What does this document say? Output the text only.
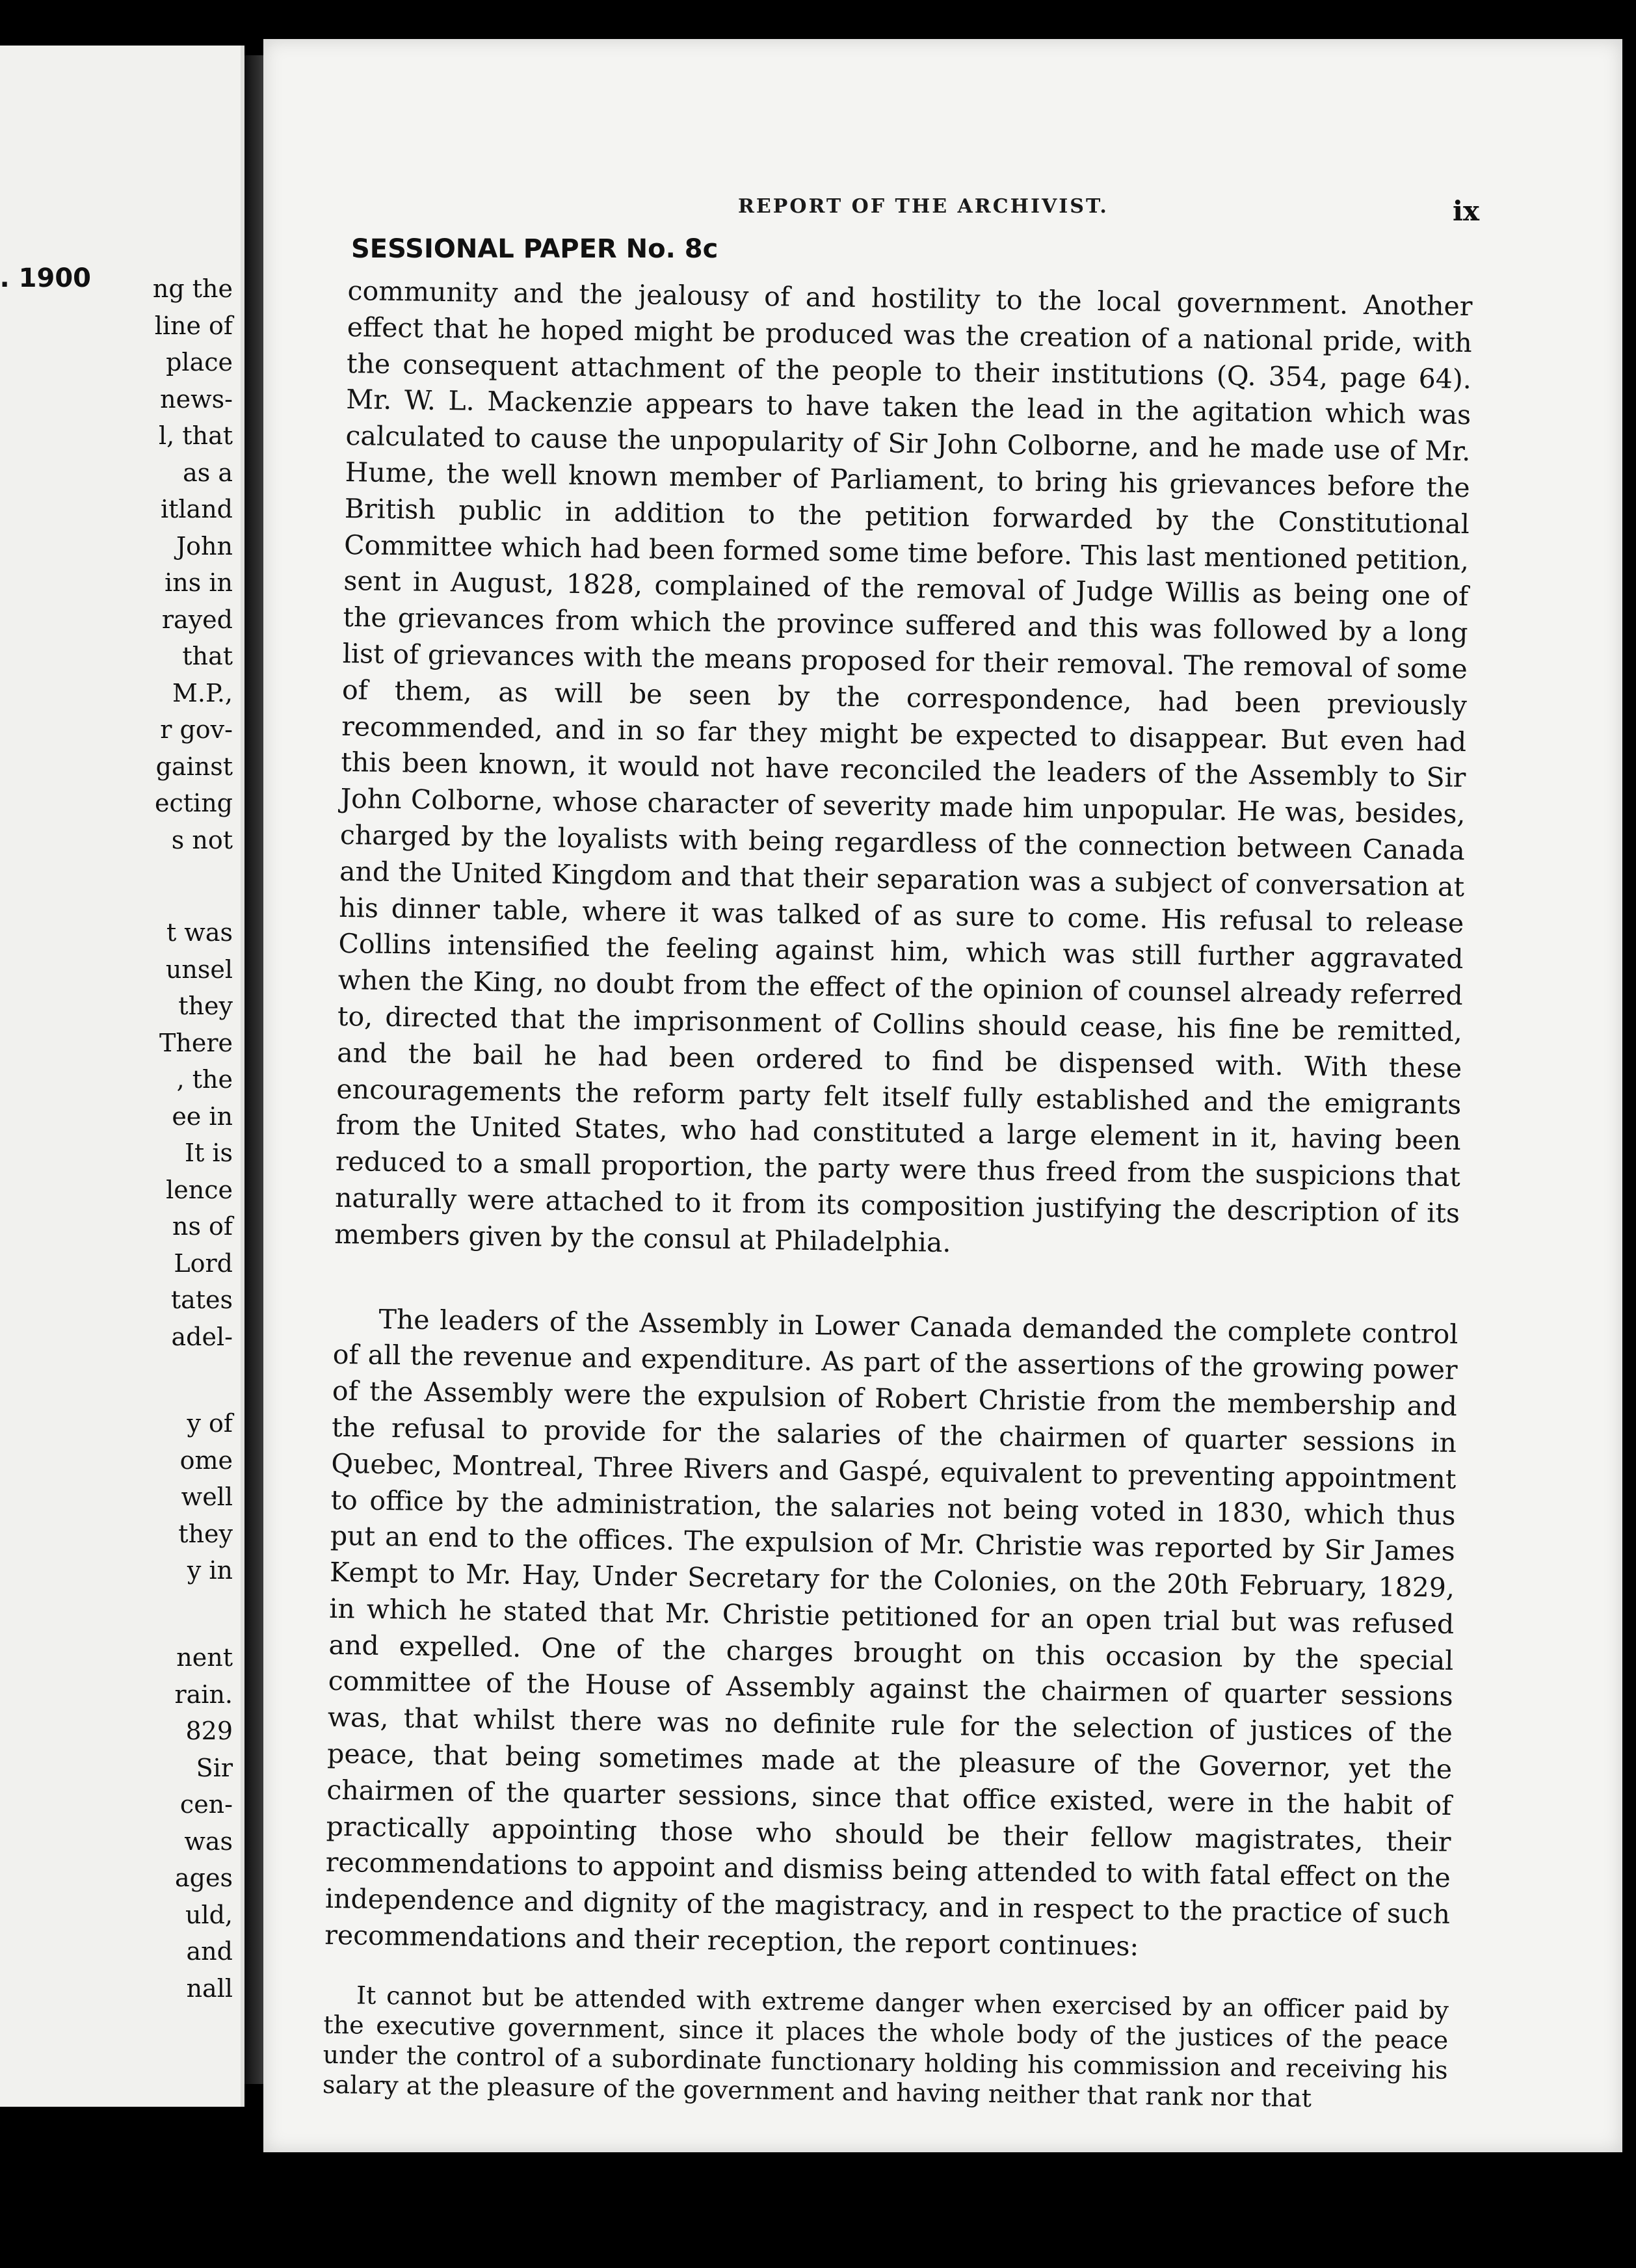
. 1900 ng the
line of
place
news-
l, that
as a
itland
John
ins in
rayed
that
M.P.,
r gov-
gainst
ecting
s not
t was
unsel
they
There
, the
ee in
It is
lence
ns of
Lord
tates
adel-
y of
ome
well
they
y in
nent
rain.
829
Sir
cen-
was
ages
uld,
and
nall
REPORT OF THE ARCHIVIST.	ix
SESSIONAL PAPER No. 8c

community and the jealousy of and hostility to the local government. Another effect that he hoped might be produced was the creation of a national pride, with the consequent attachment of the people to their institutions (Q. 354, page 64). Mr. W. L. Mackenzie appears to have taken the lead in the agitation which was calculated to cause the unpopularity of Sir John Colborne, and he made use of Mr. Hume, the well known member of Parliament, to bring his grievances before the British public in addition to the petition forwarded by the Constitutional Committee which had been formed some time before. This last mentioned petition, sent in August, 1828, complained of the removal of Judge Willis as being one of the grievances from which the province suffered and this was followed by a long list of grievances with the means proposed for their removal. The removal of some of them, as will be seen by the correspondence, had been previously recommended, and in so far they might be expected to disappear. But even had this been known, it would not have reconciled the leaders of the Assembly to Sir John Colborne, whose character of severity made him unpopular. He was, besides, charged by the loyalists with being regardless of the connection between Canada and the United Kingdom and that their separation was a subject of conversation at his dinner table, where it was talked of as sure to come. His refusal to release Collins intensified the feeling against him, which was still further aggravated when the King, no doubt from the effect of the opinion of counsel already referred to, directed that the imprisonment of Collins should cease, his fine be remitted, and the bail he had been ordered to find be dispensed with. With these encouragements the reform party felt itself fully established and the emigrants from the United States, who had constituted a large element in it, having been reduced to a small proportion, the party were thus freed from the suspicions that naturally were attached to it from its composition justifying the description of its members given by the consul at Philadelphia.

The leaders of the Assembly in Lower Canada demanded the complete control of all the revenue and expenditure. As part of the assertions of the growing power of the Assembly were the expulsion of Robert Christie from the membership and the refusal to provide for the salaries of the chairmen of quarter sessions in Quebec, Montreal, Three Rivers and Gaspé, equivalent to preventing appointment to office by the administration, the salaries not being voted in 1830, which thus put an end to the offices. The expulsion of Mr. Christie was reported by Sir James Kempt to Mr. Hay, Under Secretary for the Colonies, on the 20th February, 1829, in which he stated that Mr. Christie petitioned for an open trial but was refused and expelled. One of the charges brought on this occasion by the special committee of the House of Assembly against the chairmen of quarter sessions was, that whilst there was no definite rule for the selection of justices of the peace, that being sometimes made at the pleasure of the Governor, yet the chairmen of the quarter sessions, since that office existed, were in the habit of practically appointing those who should be their fellow magistrates, their recommendations to appoint and dismiss being attended to with fatal effect on the independence and dignity of the magistracy, and in respect to the practice of such recommendations and their reception, the report continues:

It cannot but be attended with extreme danger when exercised by an officer paid by the executive government, since it places the whole body of the justices of the peace under the control of a subordinate functionary holding his commission and receiving his salary at the pleasure of the government and having neither that rank nor that
